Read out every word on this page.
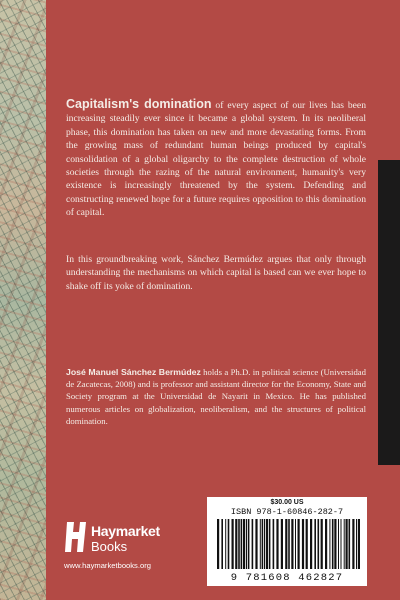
Capitalism's domination of every aspect of our lives has been increasing steadily ever since it became a global system. In its neoliberal phase, this domination has taken on new and more devastating forms. From the growing mass of redundant human beings produced by capital's consolidation of a global oligarchy to the complete destruction of whole societies through the razing of the natural environment, humanity's very existence is increasingly threatened by the system. Defending and constructing renewed hope for a future requires opposition to this domination of capital.
In this groundbreaking work, Sánchez Bermúdez argues that only through understanding the mechanisms on which capital is based can we ever hope to shake off its yoke of domination.
José Manuel Sánchez Bermúdez holds a Ph.D. in political science (Universidad de Zacatecas, 2008) and is professor and assistant director for the Economy, State and Society program at the Universidad de Nayarit in Mexico. He has published numerous articles on globalization, neoliberalism, and the structures of political domination.
Haymarket
Books
www.haymarketbooks.org
$30.00 US
ISBN 978-1-60846-282-7
9 781608 462827
